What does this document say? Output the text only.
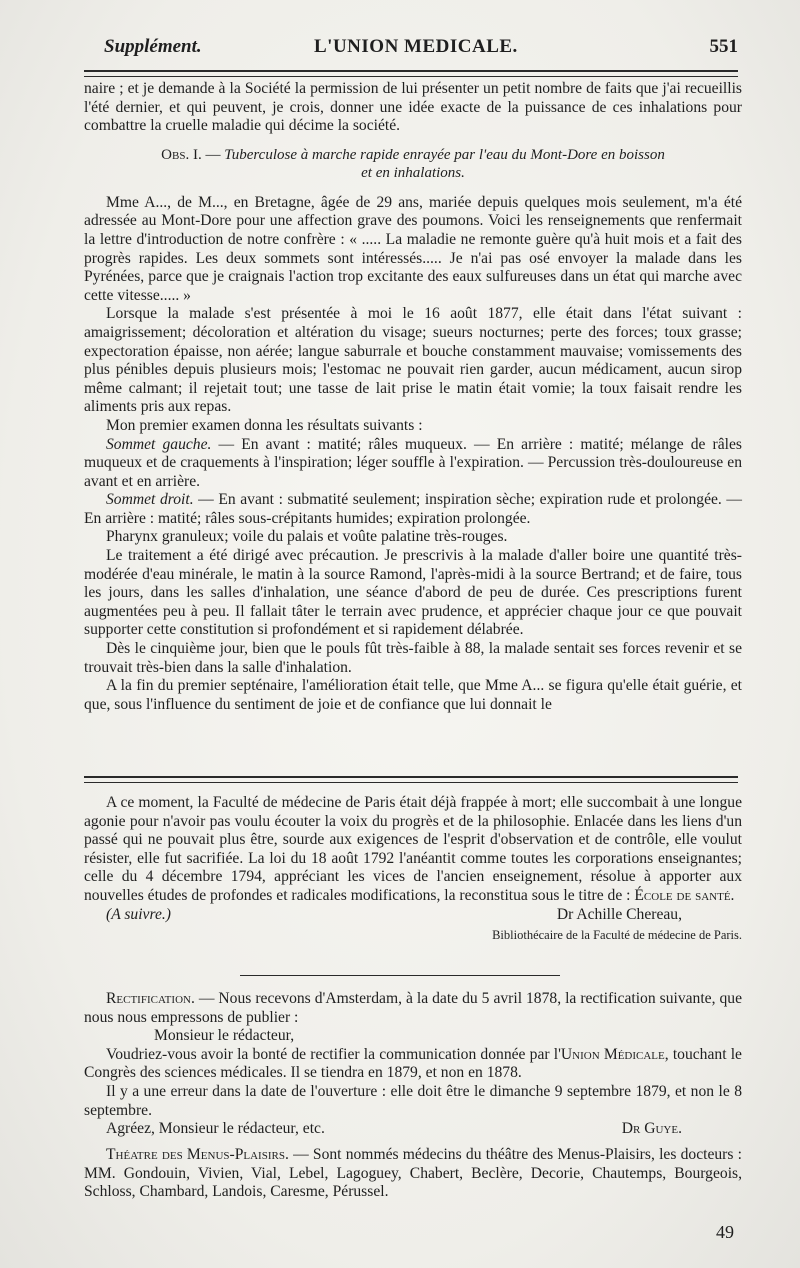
Supplément.	L'UNION MEDICALE.	551

naire ; et je demande à la Société la permission de lui présenter un petit nombre de faits que j'ai recueillis l'été dernier, et qui peuvent, je crois, donner une idée exacte de la puissance de ces inhalations pour combattre la cruelle maladie qui décime la société.

Obs. I. — Tuberculose à marche rapide enrayée par l'eau du Mont-Dore en boisson
et en inhalations.

Mme A..., de M..., en Bretagne, âgée de 29 ans, mariée depuis quelques mois seulement, m'a été adressée au Mont-Dore pour une affection grave des poumons. Voici les renseignements que renfermait la lettre d'introduction de notre confrère : « ..... La maladie ne remonte guère qu'à huit mois et a fait des progrès rapides. Les deux sommets sont intéressés..... Je n'ai pas osé envoyer la malade dans les Pyrénées, parce que je craignais l'action trop excitante des eaux sulfureuses dans un état qui marche avec cette vitesse..... »

Lorsque la malade s'est présentée à moi le 16 août 1877, elle était dans l'état suivant : amaigrissement; décoloration et altération du visage; sueurs nocturnes; perte des forces; toux grasse; expectoration épaisse, non aérée; langue saburrale et bouche constamment mauvaise; vomissements des plus pénibles depuis plusieurs mois; l'estomac ne pouvait rien garder, aucun médicament, aucun sirop même calmant; il rejetait tout; une tasse de lait prise le matin était vomie; la toux faisait rendre les aliments pris aux repas.

Mon premier examen donna les résultats suivants :

Sommet gauche. — En avant : matité; râles muqueux. — En arrière : matité; mélange de râles muqueux et de craquements à l'inspiration; léger souffle à l'expiration. — Percussion très-douloureuse en avant et en arrière.

Sommet droit. — En avant : submatité seulement; inspiration sèche; expiration rude et prolongée. — En arrière : matité; râles sous-crépitants humides; expiration prolongée.

Pharynx granuleux; voile du palais et voûte palatine très-rouges.

Le traitement a été dirigé avec précaution. Je prescrivis à la malade d'aller boire une quantité très-modérée d'eau minérale, le matin à la source Ramond, l'après-midi à la source Bertrand; et de faire, tous les jours, dans les salles d'inhalation, une séance d'abord de peu de durée. Ces prescriptions furent augmentées peu à peu. Il fallait tâter le terrain avec prudence, et apprécier chaque jour ce que pouvait supporter cette constitution si profondément et si rapidement délabrée.

Dès le cinquième jour, bien que le pouls fût très-faible à 88, la malade sentait ses forces revenir et se trouvait très-bien dans la salle d'inhalation.

A la fin du premier septénaire, l'amélioration était telle, que Mme A... se figura qu'elle était guérie, et que, sous l'influence du sentiment de joie et de confiance que lui donnait le

A ce moment, la Faculté de médecine de Paris était déjà frappée à mort; elle succombait à une longue agonie pour n'avoir pas voulu écouter la voix du progrès et de la philosophie. Enlacée dans les liens d'un passé qui ne pouvait plus être, sourde aux exigences de l'esprit d'observation et de contrôle, elle voulut résister, elle fut sacrifiée. La loi du 18 août 1792 l'anéantit comme toutes les corporations enseignantes; celle du 4 décembre 1794, appréciant les vices de l'ancien enseignement, résolue à apporter aux nouvelles études de profondes et radicales modifications, la reconstitua sous le titre de : École de santé.

(A suivre.)	Dr Achille Chereau,

Bibliothécaire de la Faculté de médecine de Paris.

Rectification. — Nous recevons d'Amsterdam, à la date du 5 avril 1878, la rectification suivante, que nous nous empressons de publier :

Monsieur le rédacteur,

Voudriez-vous avoir la bonté de rectifier la communication donnée par l'Union Médicale, touchant le Congrès des sciences médicales. Il se tiendra en 1879, et non en 1878.

Il y a une erreur dans la date de l'ouverture : elle doit être le dimanche 9 septembre 1879, et non le 8 septembre.

Agréez, Monsieur le rédacteur, etc.	Dr Guye.

Théatre des Menus-Plaisirs. — Sont nommés médecins du théâtre des Menus-Plaisirs, les docteurs : MM. Gondouin, Vivien, Vial, Lebel, Lagoguey, Chabert, Beclère, Decorie, Chautemps, Bourgeois, Schloss, Chambard, Landois, Caresme, Pérussel.

49
